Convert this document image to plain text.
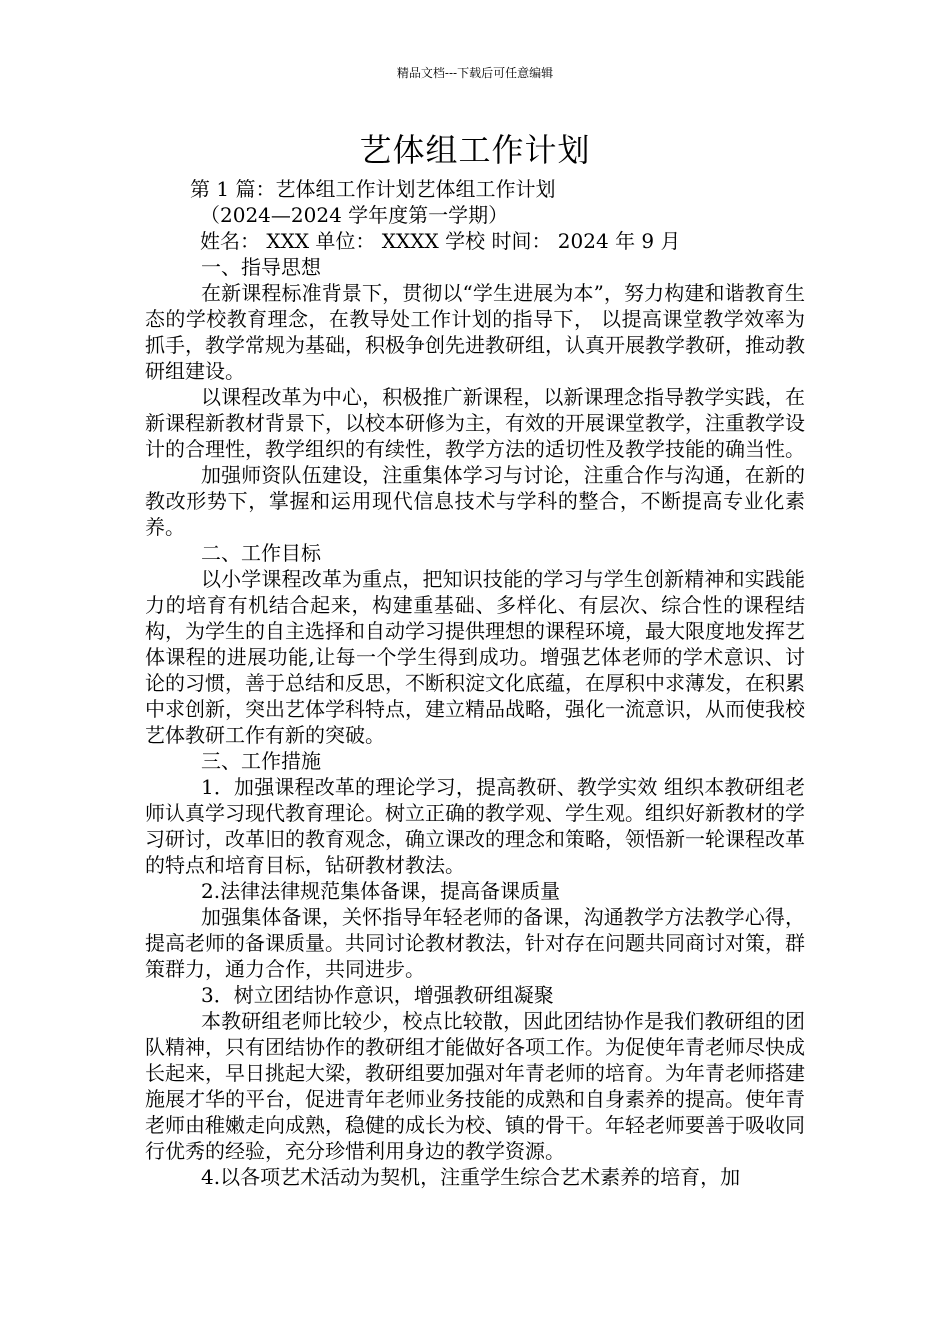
精品文档---下载后可任意编辑
艺体组工作计划

第 1 篇：艺体组工作计划艺体组工作计划

（2024—2024 学年度第一学期）

姓名： XXX 单位： XXXX 学校 时间： 2024 年 9 月

一、指导思想

在新课程标准背景下，贯彻以“学生进展为本”，努力构建和谐教育生态的学校教育理念，在教导处工作计划的指导下， 以提高课堂教学效率为抓手，教学常规为基础，积极争创先进教研组，认真开展教学教研，推动教研组建设。

以课程改革为中心，积极推广新课程，以新课理念指导教学实践，在新课程新教材背景下，以校本研修为主，有效的开展课堂教学，注重教学设计的合理性，教学组织的有续性，教学方法的适切性及教学技能的确当性。

加强师资队伍建设，注重集体学习与讨论，注重合作与沟通，在新的教改形势下，掌握和运用现代信息技术与学科的整合，不断提高专业化素养。

二、工作目标

以小学课程改革为重点，把知识技能的学习与学生创新精神和实践能力的培育有机结合起来，构建重基础、多样化、有层次、综合性的课程结构，为学生的自主选择和自动学习提供理想的课程环境，最大限度地发挥艺体课程的进展功能,让每一个学生得到成功。增强艺体老师的学术意识、讨论的习惯，善于总结和反思，不断积淀文化底蕴，在厚积中求薄发，在积累中求创新，突出艺体学科特点，建立精品战略，强化一流意识，从而使我校艺体教研工作有新的突破。

三、工作措施

1．加强课程改革的理论学习，提高教研、教学实效 组织本教研组老师认真学习现代教育理论。树立正确的教学观、学生观。组织好新教材的学习研讨，改革旧的教育观念，确立课改的理念和策略，领悟新一轮课程改革的特点和培育目标，钻研教材教法。

2.法律法律规范集体备课，提高备课质量

加强集体备课，关怀指导年轻老师的备课，沟通教学方法教学心得，提高老师的备课质量。共同讨论教材教法，针对存在问题共同商讨对策，群策群力，通力合作，共同进步。

3．树立团结协作意识，增强教研组凝聚

本教研组老师比较少，校点比较散，因此团结协作是我们教研组的团队精神，只有团结协作的教研组才能做好各项工作。为促使年青老师尽快成长起来，早日挑起大梁，教研组要加强对年青老师的培育。为年青老师搭建施展才华的平台，促进青年老师业务技能的成熟和自身素养的提高。使年青老师由稚嫩走向成熟，稳健的成长为校、镇的骨干。年轻老师要善于吸收同行优秀的经验，充分珍惜利用身边的教学资源。

4.以各项艺术活动为契机，注重学生综合艺术素养的培育，加
